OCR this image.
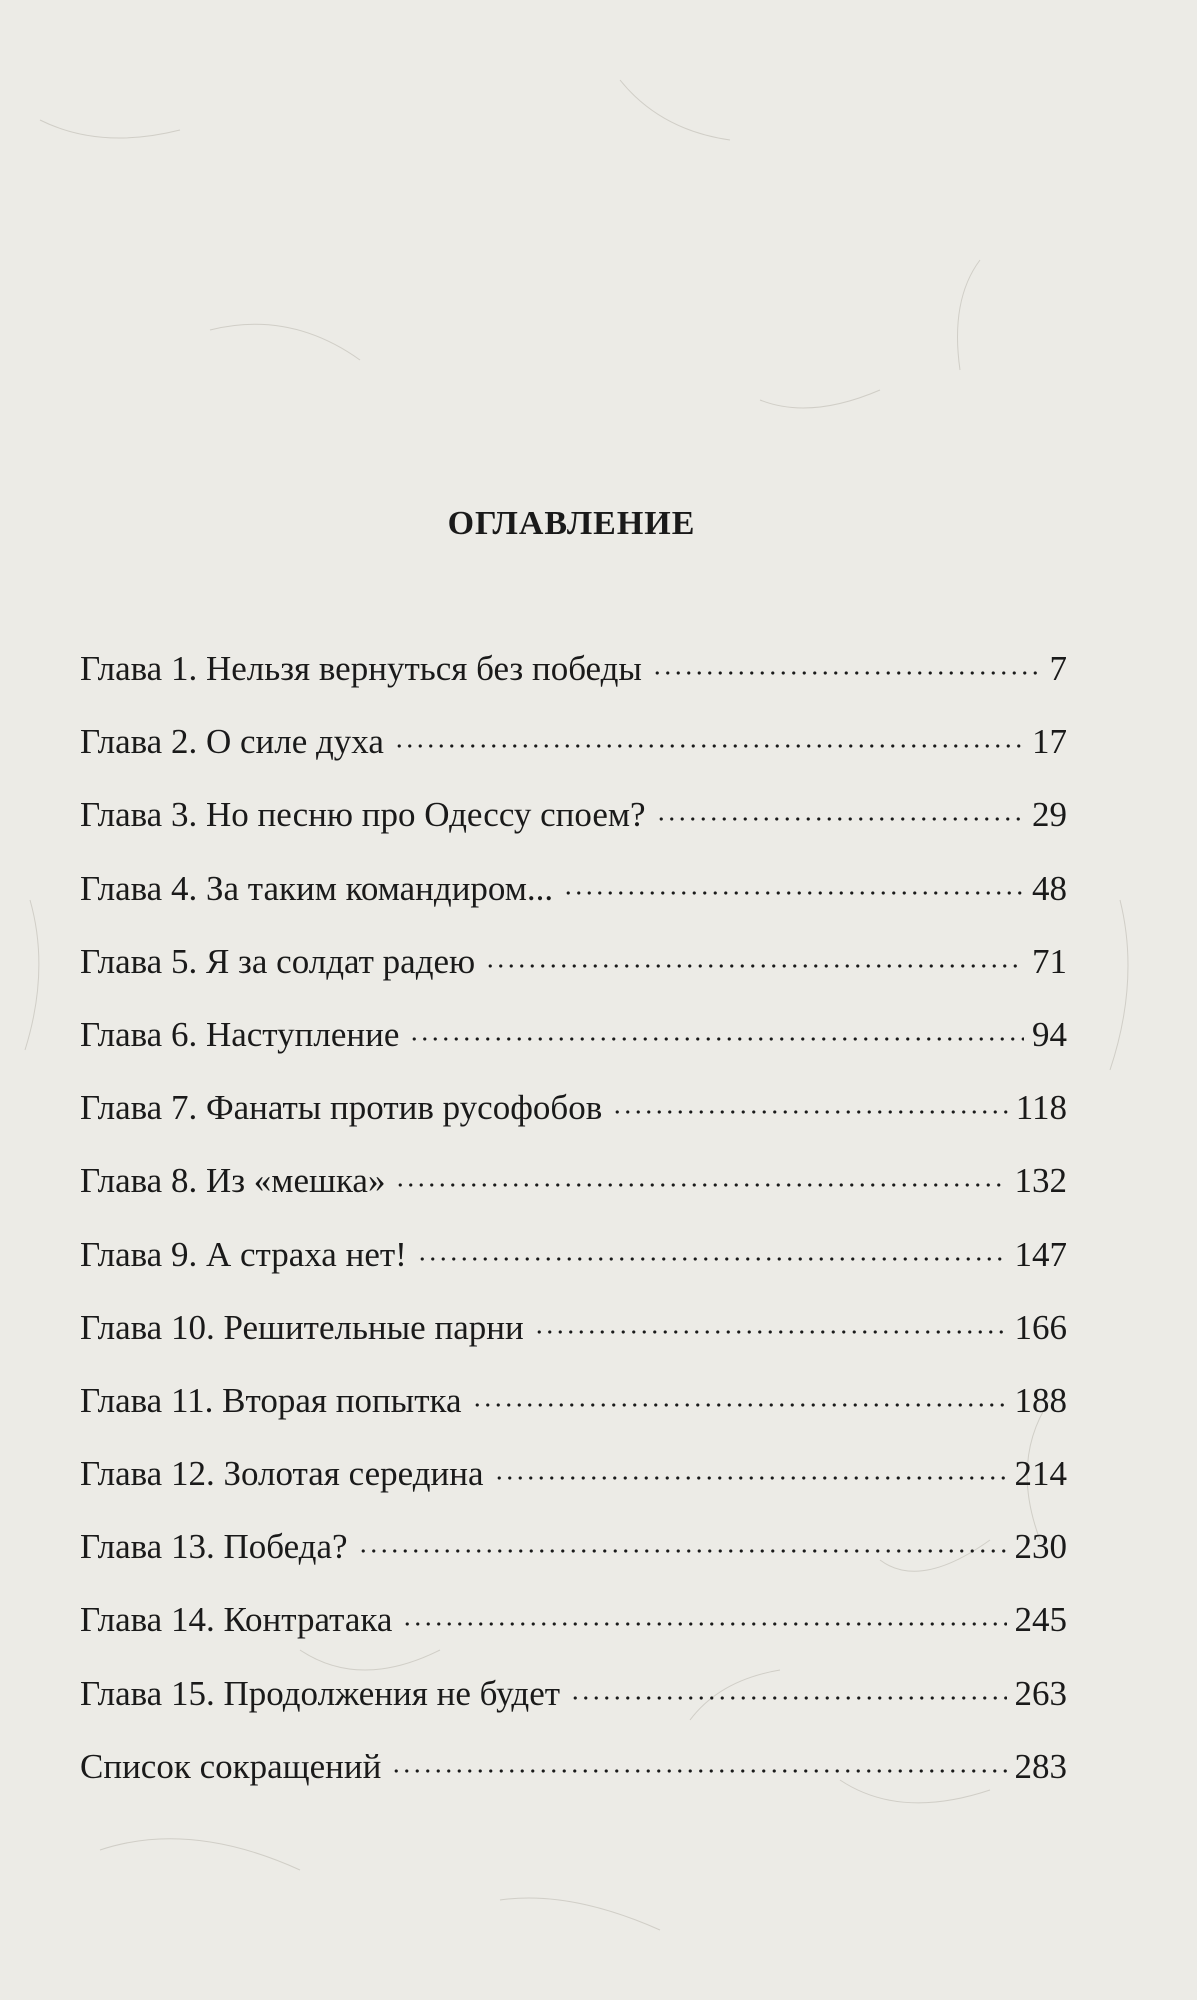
ОГЛАВЛЕНИЕ
Глава 1. Нельзя вернуться без победы	7
Глава 2. О силе духа	17
Глава 3. Но песню про Одессу споем?	29
Глава 4. За таким командиром...	48
Глава 5. Я за солдат радею	71
Глава 6. Наступление	94
Глава 7. Фанаты против русофобов	118
Глава 8. Из «мешка»	132
Глава 9. А страха нет!	147
Глава 10. Решительные парни	166
Глава 11. Вторая попытка	188
Глава 12. Золотая середина	214
Глава 13. Победа?	230
Глава 14. Контратака	245
Глава 15. Продолжения не будет	263
Список сокращений	283
